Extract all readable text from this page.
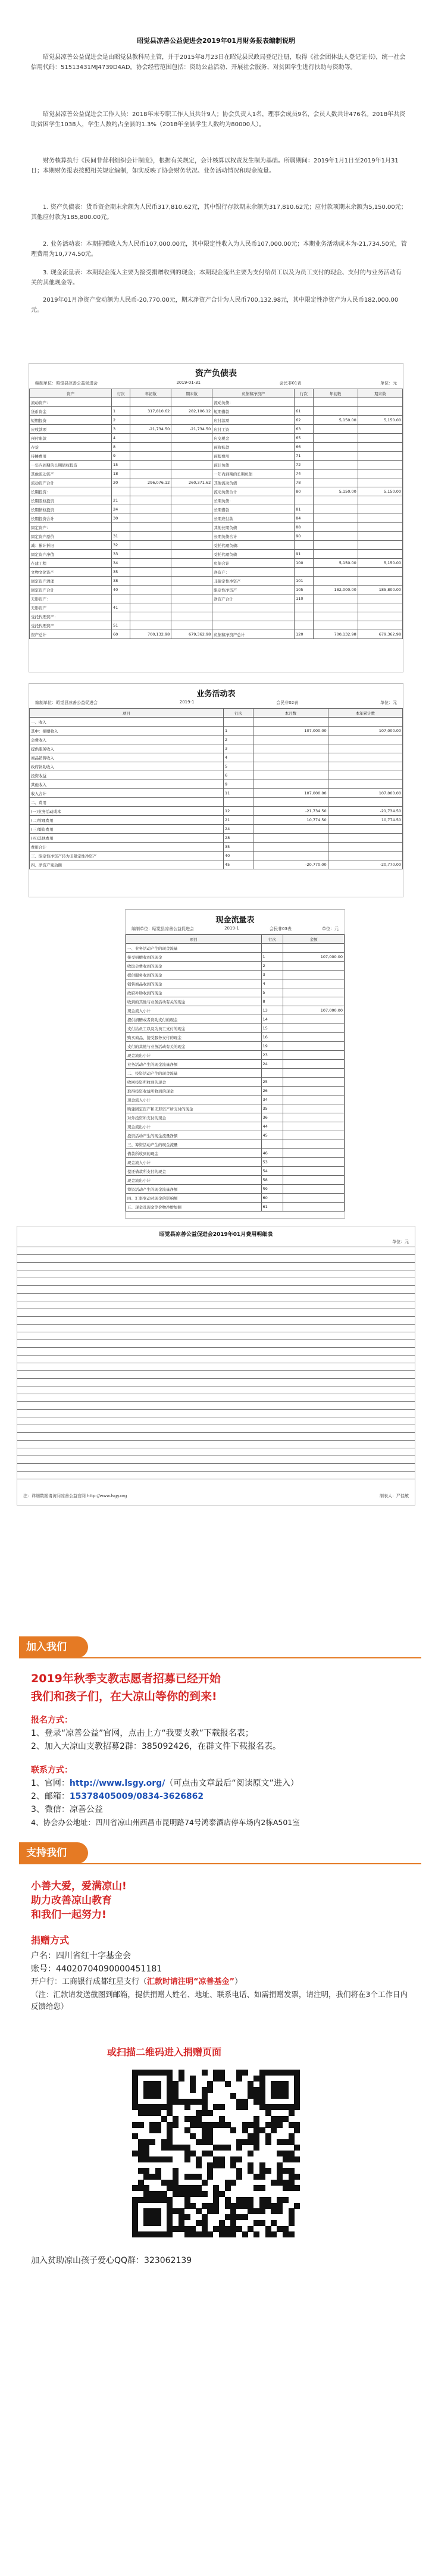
昭觉县凉善公益促进会2019年01月财务报表编制说明

昭觉县凉善公益促进会是由昭觉县教科局主管，并于2015年8月23日在昭觉县民政局登记注册，取得《社会团体法人登记证书》，统一社会信用代码：51513431MJ4739D4AD。协会经营范围包括：资助公益活动、开展社会服务、对贫困学生进行扶助与资助等。

昭觉县凉善公益促进会工作人员：2018年末专职工作人员共计9人；协会负责人1名，理事会成员9名，会员人数共计476名。2018年共资助贫困学生1038人，学生人数约占全县的1.3%（2018年全县学生人数约为80000人）。

财务核算执行《民间非营利组织会计制度》，根据有关规定，会计核算以权责发生制为基础。所属期间：2019年1月1日至2019年1月31日；本期财务报表按照相关规定编制，如实反映了协会财务状况、业务活动情况和现金流量。

1. 资产负债表：货币资金期末余额为人民币317,810.62元，其中银行存款期末余额为317,810.62元；应付款项期末余额为5,150.00元；其他应付款为185,800.00元。

2. 业务活动表：本期捐赠收入为人民币107,000.00元，其中限定性收入为人民币107,000.00元；本期业务活动成本为-21,734.50元，管理费用为10,774.50元。

3. 现金流量表：本期现金流入主要为接受捐赠收到的现金；本期现金流出主要为支付给员工以及为员工支付的现金、支付的与业务活动有关的其他现金等。

2019年01月净资产变动额为人民币-20,770.00元，期末净资产合计为人民币700,132.98元，其中限定性净资产为人民币182,000.00元。

资产负债表
编制单位：昭觉县凉善公益促进会	2019-01-31	会民非01表	单位：元
资产	行次	年初数	期末数	负债和净资产	行次	年初数	期末数
流动资产：				流动负债：			
货币资金	1	317,810.62	282,106.12	短期借款	61		
短期投资	2			应付款项	62	5,150.00	5,150.00
应收款项	3	-21,734.50	-21,734.50	应付工资	63		
预付账款	4			应交税金	65		
存货	8			预收账款	66		
待摊费用	9			预提费用	71		
一年内到期的长期债权投资	15			预计负债	72		
其他流动资产	18			一年内到期的长期负债	74		
流动资产合计	20	296,076.12	260,371.62	其他流动负债	78		
长期投资：				流动负债合计	80	5,150.00	5,150.00
长期股权投资	21			长期负债：			
长期债权投资	24			长期借款	81		
长期投资合计	30			长期应付款	84		
固定资产：				其他长期负债	88		
固定资产原价	31			长期负债合计	90		
减：累计折旧	32			受托代理负债：			
固定资产净值	33			受托代理负债	91		
在建工程	34			负债合计	100	5,150.00	5,150.00
文物文化资产	35			净资产：			
固定资产清理	38			非限定性净资产	101		
固定资产合计	40			限定性净资产	105	182,000.00	185,800.00
无形资产：				净资产合计	110		
无形资产	41						
受托代理资产：							
受托代理资产	51						
资产总计	60	700,132.98	679,362.98	负债和净资产总计	120	700,132.98	679,362.98
业务活动表
编制单位：昭觉县凉善公益促进会	2019-1	会民非02表	单位：元
项目	行次	本月数	本年累计数
一、收入			
其中：捐赠收入	1	107,000.00	107,000.00
会费收入	2		
提供服务收入	3		
商品销售收入	4		
政府补助收入	5		
投资收益	6		
其他收入	9		
收入合计	11	107,000.00	107,000.00
二、费用			
(一)业务活动成本	12	-21,734.50	-21,734.50
(二)管理费用	21	10,774.50	10,774.50
(三)筹资费用	24		
(四)其他费用	28		
费用合计	35		
三、限定性净资产转为非限定性净资产	40		
四、净资产变动额	45	-20,770.00	-20,770.00
现金流量表
编制单位：昭觉县凉善公益促进会	2019-1	会民非03表	单位：元
项目	行次	金额
一、业务活动产生的现金流量		
接受捐赠收到的现金	1	107,000.00
收取会费收到的现金	2	
提供服务收到的现金	3	
销售商品收到的现金	4	
政府补助收到的现金	5	
收到的其他与业务活动有关的现金	8	
现金流入小计	13	107,000.00
提供捐赠或者资助支付的现金	14	
支付给员工以及为员工支付的现金	15	
购买商品、接受服务支付的现金	16	
支付的其他与业务活动有关的现金	19	
现金流出小计	23	
业务活动产生的现金流量净额	24	
二、投资活动产生的现金流量		
收回投资所收到的现金	25	
取得投资收益所收到的现金	26	
现金流入小计	34	
购建固定资产和无形资产所支付的现金	35	
对外投资所支付的现金	36	
现金流出小计	44	
投资活动产生的现金流量净额	45	
三、筹资活动产生的现金流量		
借款所收到的现金	46	
现金流入小计	53	
偿还借款所支付的现金	54	
现金流出小计	58	
筹资活动产生的现金流量净额	59	
四、汇率变动对现金的影响额	60	
五、现金及现金等价物净增加额	61	
昭觉县凉善公益促进会2019年01月费用明细表
单位：元
注：详细数据请访问凉善公益官网 http://www.lsgy.org	制表人：严佳敏
加入我们
2019年秋季支教志愿者招募已经开始
我们和孩子们，在大凉山等你的到来!
报名方式：
1、登录“凉善公益”官网，点击上方“我要支教”下载报名表；
2、加入大凉山支教招募2群：385092426，在群文件下载报名表。
联系方式：
1、官网：http://www.lsgy.org/（可点击文章最后“阅读原文”进入）
2、邮箱：15378405009/0834-3626862
3、微信：凉善公益
4、协会办公地址：四川省凉山州西昌市昆明路74号鸿泰酒店停车场内2栋A501室
支持我们
小善大爱，爱满凉山!
助力改善凉山教育
和我们一起努力!
捐赠方式
户名：四川省红十字基金会
账号：44020704090000451181
开户行：工商银行成都红星支行（汇款时请注明“凉善基金”）
（注：汇款请发送截图到邮箱，提供捐赠人姓名、地址、联系电话、如需捐赠发票，请注明，我们将在3个工作日内反馈给您）
或扫描二维码进入捐赠页面
加入贫助凉山孩子爱心QQ群：323062139
